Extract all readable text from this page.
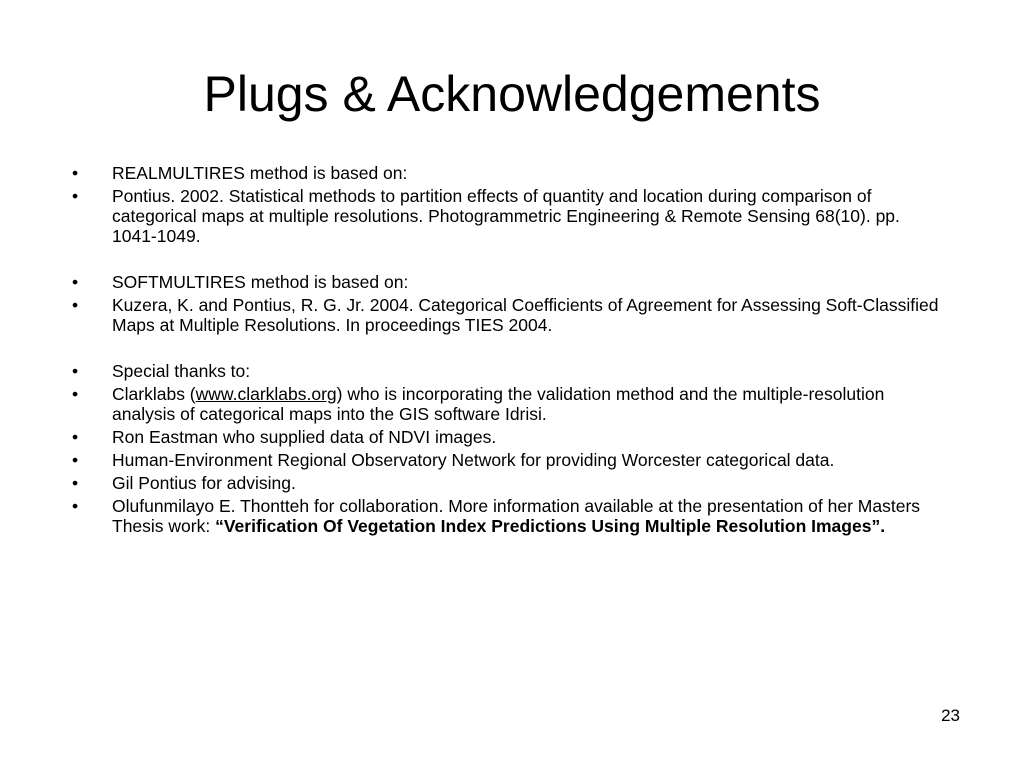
Plugs & Acknowledgements
•	REALMULTIRES method is based on:
•	Pontius. 2002. Statistical methods to partition effects of quantity and location during comparison of categorical maps at multiple resolutions. Photogrammetric Engineering & Remote Sensing 68(10). pp. 1041-1049.
•	SOFTMULTIRES method is based on:
•	Kuzera, K. and Pontius, R. G. Jr. 2004. Categorical Coefficients of Agreement for Assessing Soft-Classified Maps at Multiple Resolutions. In proceedings TIES 2004.
•	Special thanks to:
•	Clarklabs (www.clarklabs.org) who is incorporating the validation method and the multiple-resolution analysis of categorical maps into the GIS software Idrisi.
•	Ron Eastman who supplied data of NDVI images.
•	Human-Environment Regional Observatory Network for providing Worcester categorical data.
•	Gil Pontius for advising.
•	Olufunmilayo E. Thontteh for collaboration. More information available at the presentation of her Masters Thesis work: “Verification Of Vegetation Index Predictions Using Multiple Resolution Images”.
23
